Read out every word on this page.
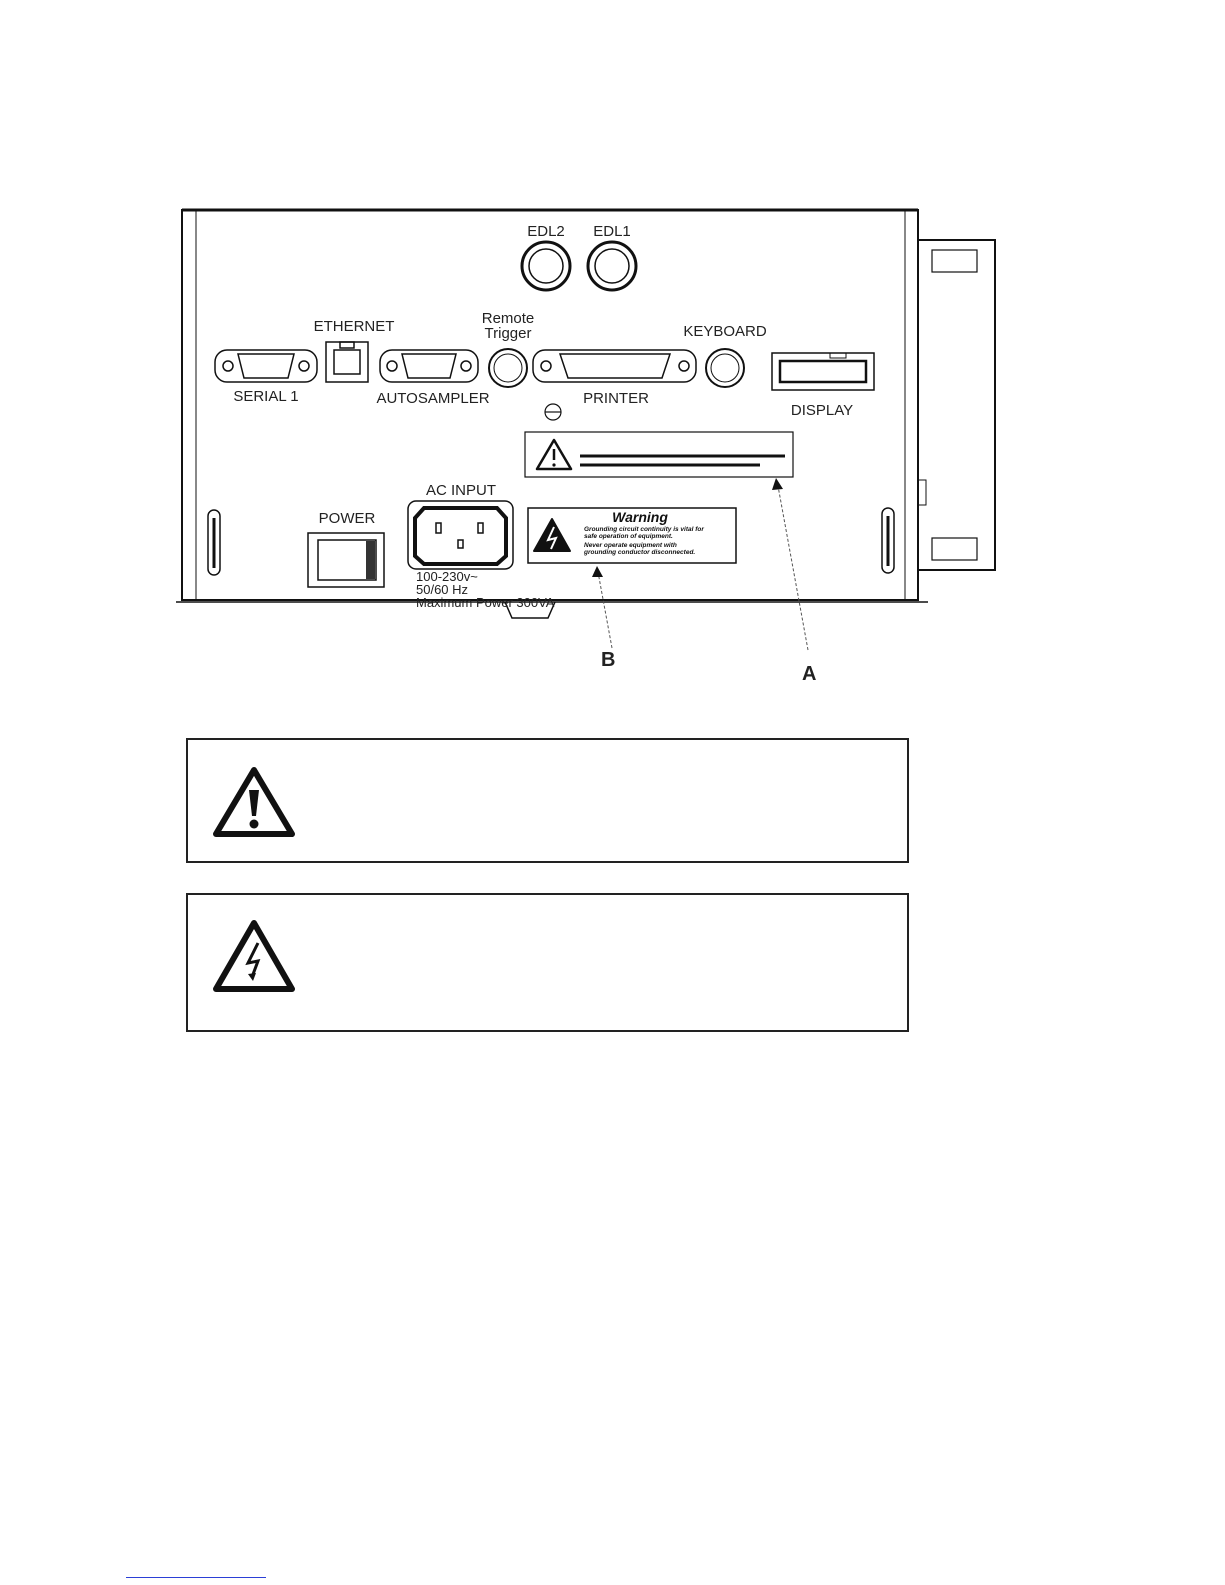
EDL2 EDL1
SERIAL 1
ETHERNET
AUTOSAMPLER
Remote
Trigger
PRINTER
KEYBOARD
DISPLAY
POWER
AC INPUT
100-230v~
50/60 Hz
Maximum Power 300VA
Warning
Grounding circuit continuity is vital for
safe operation of equipment.
Never operate equipment with
grounding conductor disconnected.
B
A
